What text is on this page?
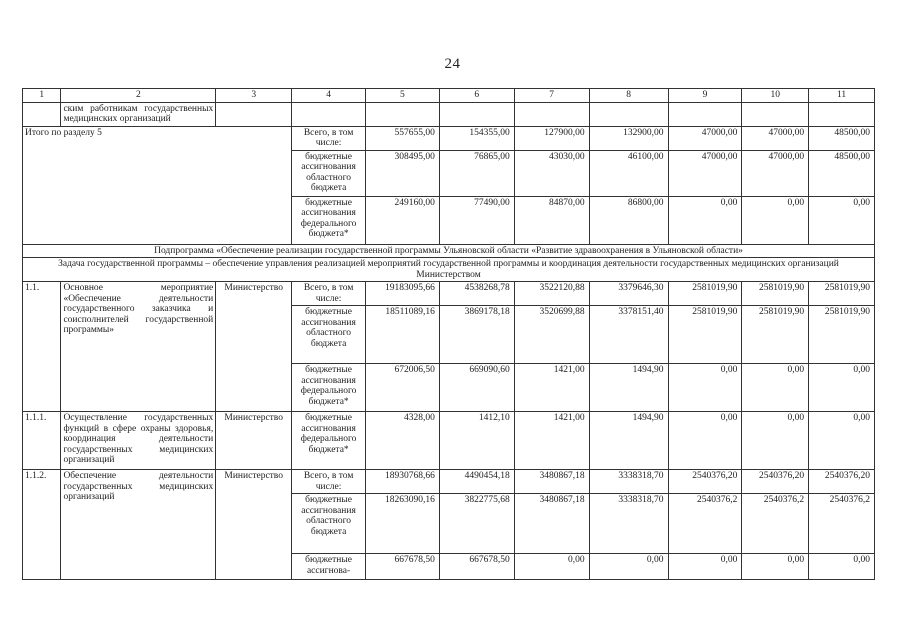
24
1	2	3	4	5	6	7	8	9	10	11
	ским работникам государственных медицинских организаций									
Итого по разделу 5			Всего, в том числе:	557655,00	154355,00	127900,00	132900,00	47000,00	47000,00	48500,00
			бюджетные ассигнования областного бюджета	308495,00	76865,00	43030,00	46100,00	47000,00	47000,00	48500,00
			бюджетные ассигнования федерального бюджета*	249160,00	77490,00	84870,00	86800,00	0,00	0,00	0,00
Подпрограмма «Обеспечение реализации государственной программы Ульяновской области «Развитие здравоохранения в Ульяновской области»										
Задача государственной программы – обеспечение управления реализацией мероприятий государственной программы и координация деятельности государственных медицинских организаций Министерством										
1.1.	Основное мероприятие «Обеспечение деятельности государственного заказчика и соисполнителей государственной программы»	Министерство	Всего, в том числе:	19183095,66	4538268,78	3522120,88	3379646,30	2581019,90	2581019,90	2581019,90
			бюджетные ассигнования областного бюджета	18511089,16	3869178,18	3520699,88	3378151,40	2581019,90	2581019,90	2581019,90
			бюджетные ассигнования федерального бюджета*	672006,50	669090,60	1421,00	1494,90	0,00	0,00	0,00
1.1.1.	Осуществление государственных функций в сфере охраны здоровья, координация деятельности государственных медицинских организаций	Министерство	бюджетные ассигнования федерального бюджета*	4328,00	1412,10	1421,00	1494,90	0,00	0,00	0,00
1.1.2.	Обеспечение деятельности государственных медицинских организаций	Министерство	Всего, в том числе:	18930768,66	4490454,18	3480867,18	3338318,70	2540376,20	2540376,20	2540376,20
			бюджетные ассигнования областного бюджета	18263090,16	3822775,68	3480867,18	3338318,70	2540376,2	2540376,2	2540376,2
			бюджетные ассигнова-	667678,50	667678,50	0,00	0,00	0,00	0,00	0,00
